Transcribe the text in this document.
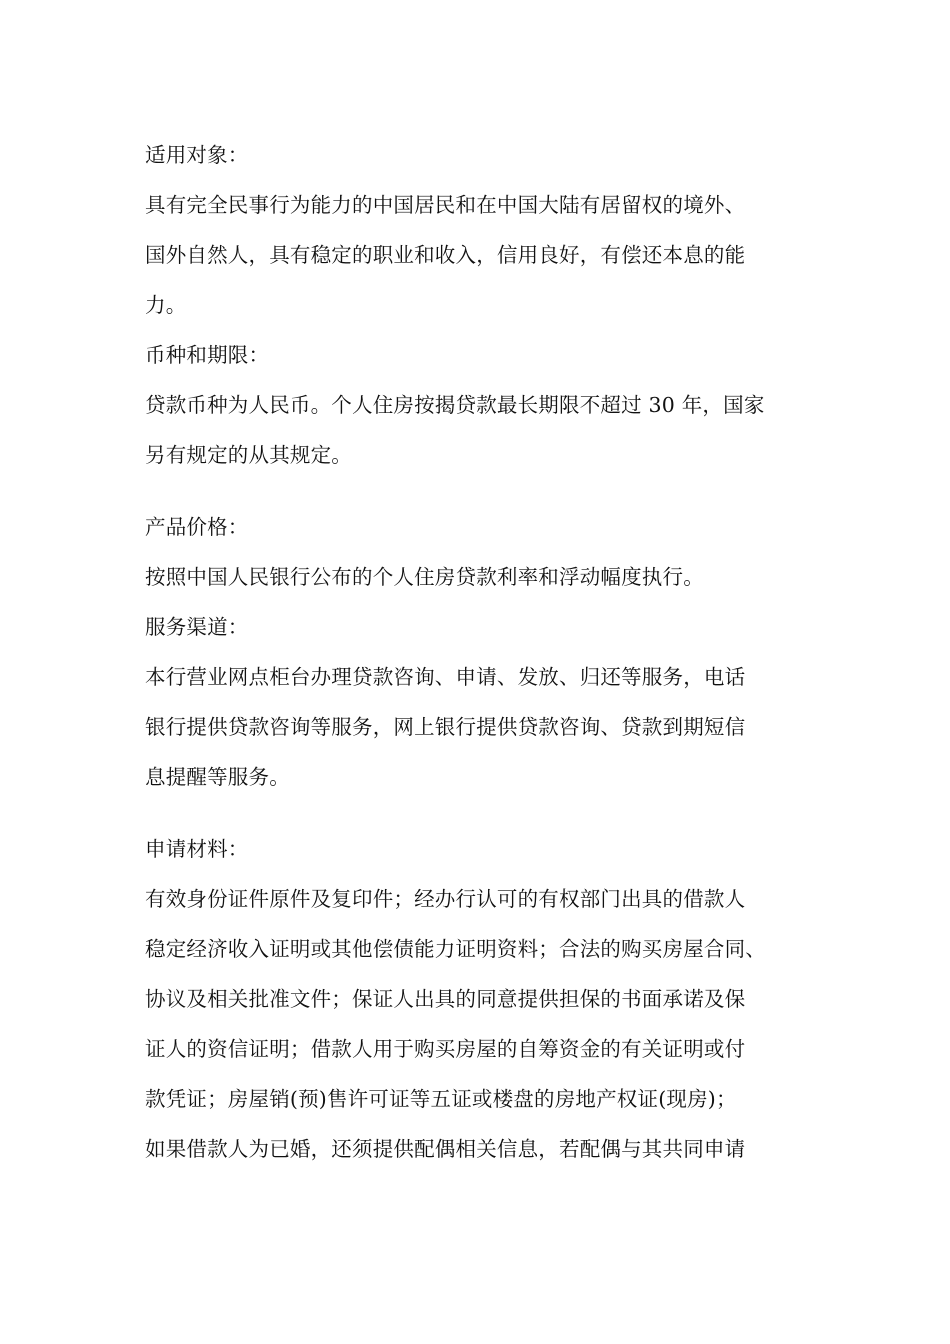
适用对象：
具有完全民事行为能力的中国居民和在中国大陆有居留权的境外、
国外自然人，具有稳定的职业和收入，信用良好，有偿还本息的能
力。
币种和期限：
贷款币种为人民币。个人住房按揭贷款最长期限不超过 30 年，国家
另有规定的从其规定。
产品价格：
按照中国人民银行公布的个人住房贷款利率和浮动幅度执行。
服务渠道：
本行营业网点柜台办理贷款咨询、申请、发放、归还等服务，电话
银行提供贷款咨询等服务，网上银行提供贷款咨询、贷款到期短信
息提醒等服务。
申请材料：
有效身份证件原件及复印件；经办行认可的有权部门出具的借款人
稳定经济收入证明或其他偿债能力证明资料；合法的购买房屋合同、
协议及相关批准文件；保证人出具的同意提供担保的书面承诺及保
证人的资信证明；借款人用于购买房屋的自筹资金的有关证明或付
款凭证；房屋销(预)售许可证等五证或楼盘的房地产权证(现房)；
如果借款人为已婚，还须提供配偶相关信息，若配偶与其共同申请
